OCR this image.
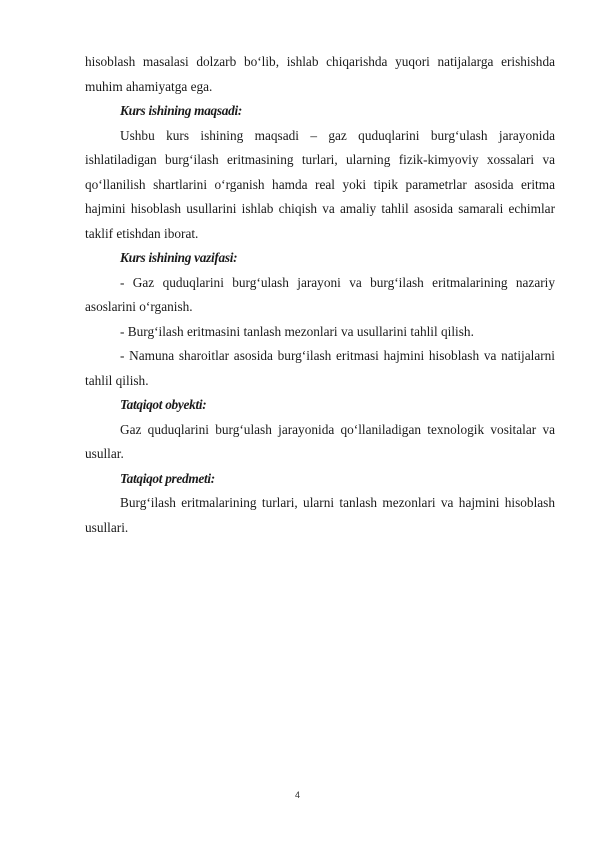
hisoblash masalasi dolzarb bo‘lib, ishlab chiqarishda yuqori natijalarga erishishda muhim ahamiyatga ega.

Kurs ishining maqsadi:

Ushbu kurs ishining maqsadi – gaz quduqlarini burg‘ulash jarayonida ishlatiladigan burg‘ilash eritmasining turlari, ularning fizik-kimyoviy xossalari va qo‘llanilish shartlarini o‘rganish hamda real yoki tipik parametrlar asosida eritma hajmini hisoblash usullarini ishlab chiqish va amaliy tahlil asosida samarali echimlar taklif etishdan iborat.

Kurs ishining vazifasi:

- Gaz quduqlarini burg‘ulash jarayoni va burg‘ilash eritmalarining nazariy asoslarini o‘rganish.

- Burg‘ilash eritmasini tanlash mezonlari va usullarini tahlil qilish.

- Namuna sharoitlar asosida burg‘ilash eritmasi hajmini hisoblash va natijalarni tahlil qilish.

Tatqiqot obyekti:

Gaz quduqlarini burg‘ulash jarayonida qo‘llaniladigan texnologik vositalar va usullar.

Tatqiqot predmeti:

Burg‘ilash eritmalarining turlari, ularni tanlash mezonlari va hajmini hisoblash usullari.

4
